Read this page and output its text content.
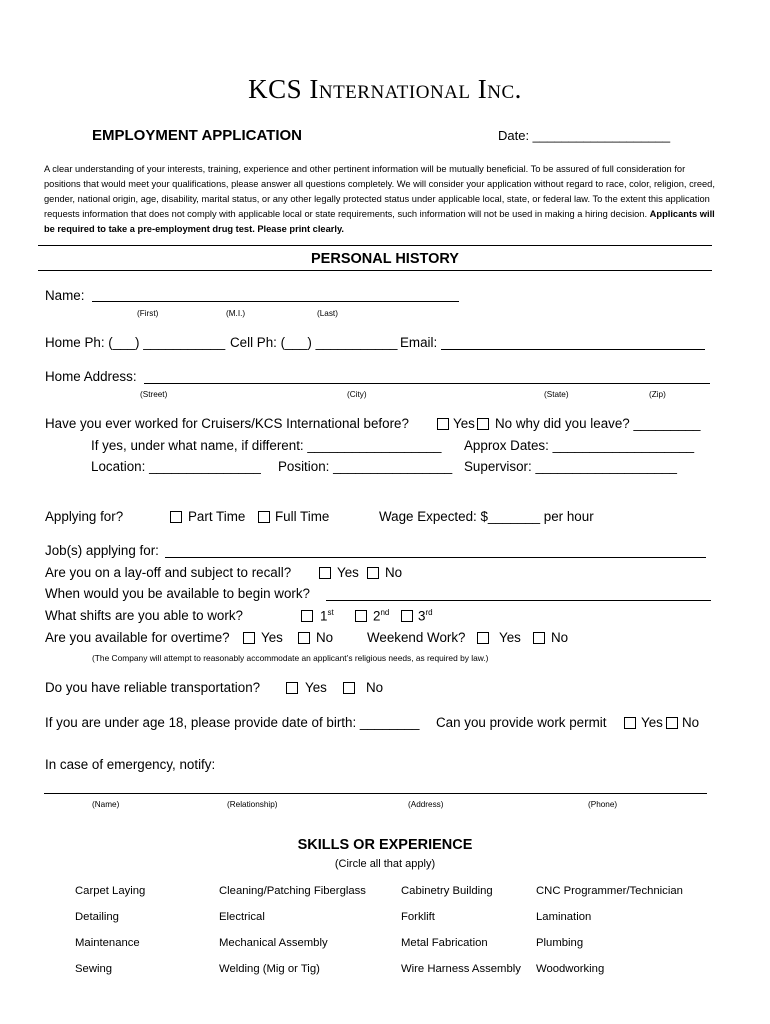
KCS International Inc.
EMPLOYMENT APPLICATION	Date: ___________________
A clear understanding of your interests, training, experience and other pertinent information will be mutually beneficial. To be assured of full consideration for positions that would meet your qualifications, please answer all questions completely. We will consider your application without regard to race, color, religion, creed, gender, national origin, age, disability, marital status, or any other legally protected status under applicable local, state, or federal law. To the extent this application requests information that does not comply with applicable local or state requirements, such information will not be used in making a hiring decision. Applicants will be required to take a pre-employment drug test. Please print clearly.
PERSONAL HISTORY
Name:
(First)	(M.I.)	(Last)
Home Ph: (___) ___________ Cell Ph: (___) ___________ Email:
Home Address:
(Street)	(City)	(State)	(Zip)
Have you ever worked for Cruisers/KCS International before?	Yes No why did you leave? _________
If yes, under what name, if different: __________________ Approx Dates: ___________________
Location: _______________ Position: ________________ Supervisor: ___________________
Applying for?	Part Time Full Time	Wage Expected: $_______ per hour
Job(s) applying for:
Are you on a lay-off and subject to recall?	Yes No
When would you be available to begin work?
What shifts are you able to work?	1st	2nd 3rd
Are you available for overtime? Yes No	Weekend Work?	Yes No
(The Company will attempt to reasonably accommodate an applicant’s religious needs, as required by law.)
Do you have reliable transportation?	Yes	No
If you are under age 18, please provide date of birth: ________ Can you provide work permit	Yes No
In case of emergency, notify:
(Name)	(Relationship)	(Address)	(Phone)
SKILLS OR EXPERIENCE
(Circle all that apply)
Carpet Laying	Cleaning/Patching Fiberglass	Cabinetry Building	CNC Programmer/Technician
Detailing	Electrical	Forklift	Lamination
Maintenance	Mechanical Assembly	Metal Fabrication	Plumbing
Sewing	Welding (Mig or Tig)	Wire Harness Assembly Woodworking
